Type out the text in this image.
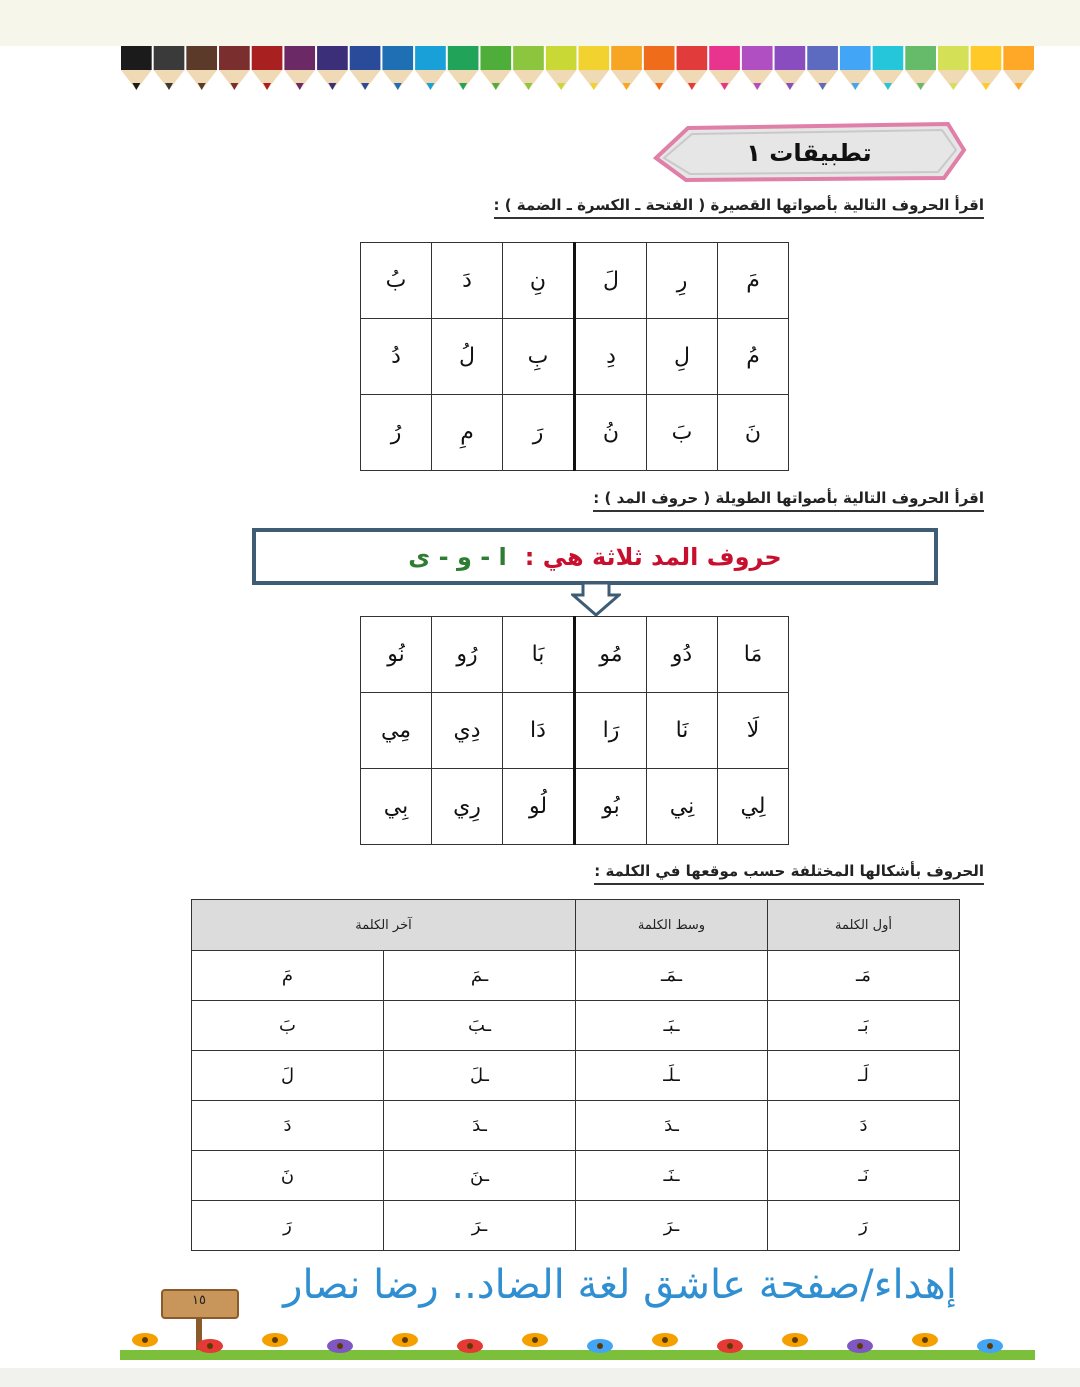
تطبيقات ١
اقرأ الحروف التالية بأصواتها القصيرة ( الفتحة ـ الكسرة ـ الضمة ) :
مَ	رِ	لَ	نِ	دَ	بُ
مُ	لِ	دِ	بِ	لُ	دُ
نَ	بَ	نُ	رَ	مِ	رُ
اقرأ الحروف التالية بأصواتها الطويلة ( حروف المد ) :
حروف المد ثلاثة هي :
ا - و - ى
مَا	دُو	مُو	بَا	رُو	نُو
لَا	نَا	رَا	دَا	دِي	مِي
لِي	نِي	بُو	لُو	رِي	بِي
الحروف بأشكالها المختلفة حسب موقعها في الكلمة :
أول الكلمة	وسط الكلمة	آخر الكلمة	
مَـ	ـمَـ	ـمَ	مَ
بَـ	ـبَـ	ـبَ	بَ
لَـ	ـلَـ	ـلَ	لَ
دَ	ـدَ	ـدَ	دَ
نَـ	ـنَـ	ـنَ	نَ
رَ	ـرَ	ـرَ	رَ
إهداء/صفحة عاشق لغة الضاد.. رضا نصار
١٥
